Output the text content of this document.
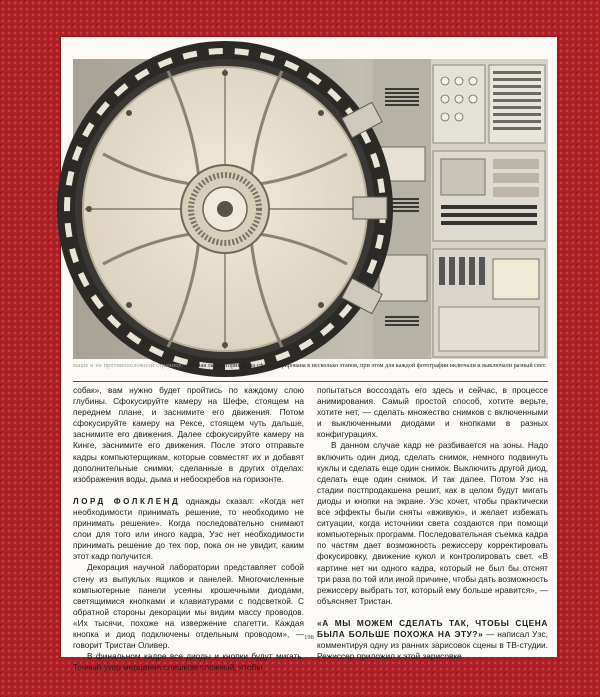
выше и на противоположной странице: научная лаборатория была сфотографирована в несколько этапов, при этом для каждой фотографии включали и выключали разный свет.

собак», вам нужно будет пройтись по каждому слою глубины. Сфокусируйте камеру на Шефе, стоящем на переднем плане, и заснимите его движения. Потом сфокусируйте камеру на Рексе, стоящем чуть дальше, заснимите его движения. Далее сфокусируйте камеру на Кинге, заснимите его движения. После этого отправьте кадры компьютерщикам, которые совместят их и добавят дополнительные снимки, сделанные в других отделах: изображения воды, дыма и небоскребов на горизонте.

ЛОРД ФОЛКЛЕНД однажды сказал: «Когда нет необходимости принимать решение, то необходимо не принимать решение». Когда последовательно снимают слои для того или иного кадра, Уэс нет необходимости принимать решение до тех пор, пока он не увидит, каким этот кадр получится.

Декорация научной лаборатории представляет собой стену из выпуклых ящиков и панелей. Многочисленные компьютерные панели усеяны крошечными диодами, светящимися кнопками и клавиатурами с подсветкой. С обратной стороны декорации мы видим массу проводов. «Их тысячи, похоже на извержение спагетти. Каждая кнопка и диод подключены отдельным проводом», — говорит Тристан Оливер.

В финальном кадре все диоды и кнопки будут мигать. Точный узор мерцания слишком сложный, чтобы

попытаться воссоздать его здесь и сейчас, в процессе анимирования. Самый простой способ, хотите верьте, хотите нет, — сделать множество снимков с включенными и выключенными диодами и кнопками в разных конфигурациях.

В данном случае кадр не разбивается на зоны. Надо включить один диод, сделать снимок, немного подвинуть куклы и сделать еще один снимок. Выключить другой диод, сделать еще один снимок. И так далее. Потом Уэс на стадии постпродакшена решит, как в целом будут мигать диоды и кнопки на экране. Уэс хочет, чтобы практически все эффекты были сняты «вживую», и желает избежать ситуации, когда источники света создаются при помощи компьютерных программ. Последовательная съемка кадра по частям дает возможность режиссеру корректировать фокусировку, движение кукол и контролировать свет. «В картине нет ни одного кадра, который не был бы отснят три раза по той или иной причине, чтобы дать возможность режиссеру выбрать тот, который ему больше нравится», — объясняет Тристан.

«А МЫ МОЖЕМ СДЕЛАТЬ ТАК, ЧТОБЫ СЦЕНА БЫЛА БОЛЬШЕ ПОХОЖА НА ЭТУ?» — написал Уэс, комментируя одну из ранних зарисовок сцены в ТВ-студии. Режиссер приложил к этой зарисовке

198
